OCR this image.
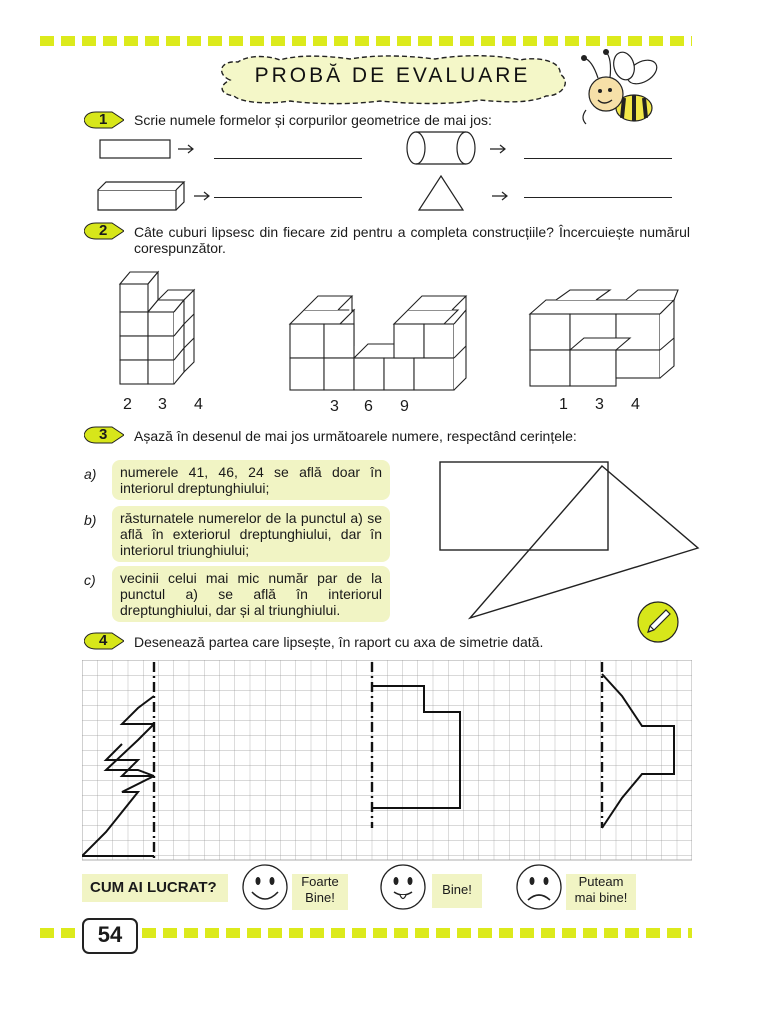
PROBĂ DE EVALUARE
1 Scrie numele formelor și corpurilor geometrice de mai jos:
2 Câte cuburi lipsesc din fiecare zid pentru a completa construcțiile? Încercuiește numărul corespunzător.
2 3 4	3 6 9	1 3 4
3 Așază în desenul de mai jos următoarele numere, respectând cerințele:
a)	numerele 41, 46, 24 se află doar în interiorul dreptunghiului;
b)	răsturnatele numerelor de la punctul a) se află în exteriorul dreptunghiului, dar în interiorul triunghiului;
c)	vecinii celui mai mic număr par de la punctul a) se află în interiorul dreptunghiului, dar și al triunghiului.
4 Desenează partea care lipsește, în raport cu axa de simetrie dată.
CUM AI LUCRAT?	Foarte
Bine!
Bine!
Puteam
mai bine!
54
